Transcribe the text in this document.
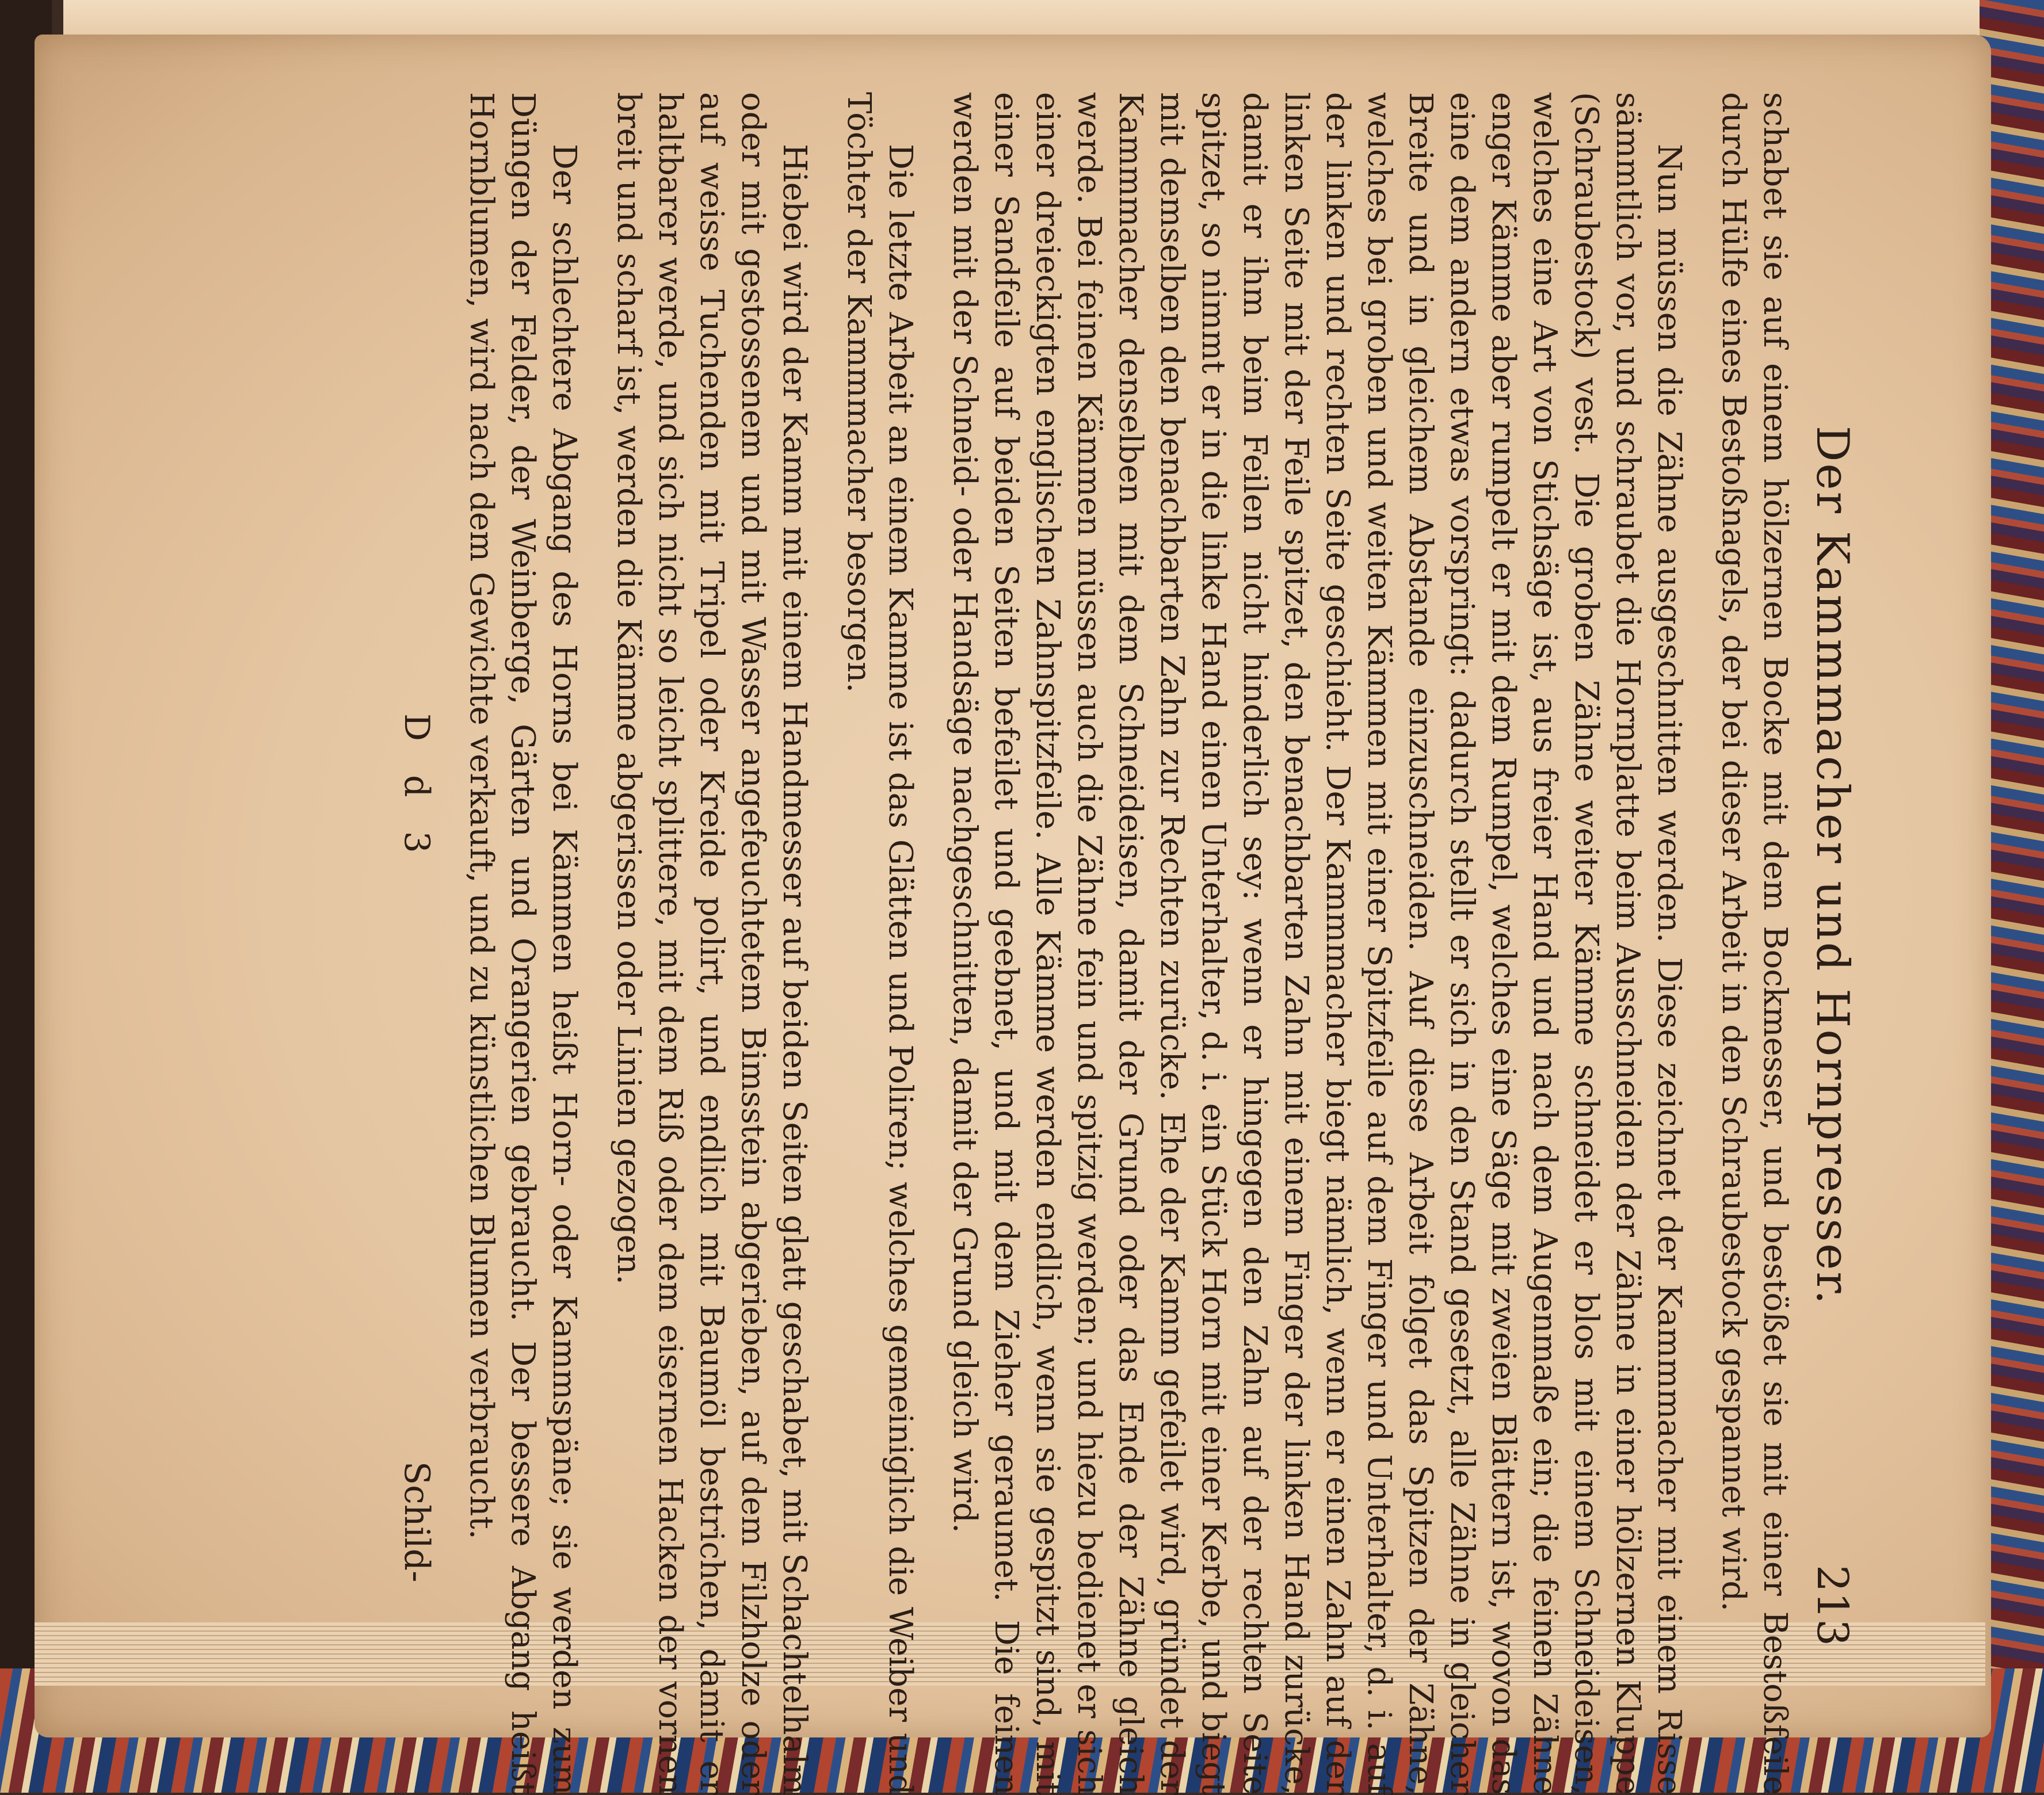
Der Kammmacher und Hornpresser.
213

schabet sie auf einem hölzernen Bocke mit dem Bockmesser, und bestößet sie mit einer Bestoßfeile durch Hülfe eines Bestoßnagels, der bei dieser Arbeit in den Schraubestock gespannet wird.

Nun müssen die Zähne ausgeschnitten werden. Diese zeichnet der Kammmacher mit einem Risse sämmtlich vor, und schraubet die Hornplatte beim Ausschneiden der Zähne in einer hölzernen Kluppe (Schraubestock) vest. Die groben Zähne weiter Kämme schneidet er blos mit einem Schneideisen, welches eine Art von Stichsäge ist, aus freier Hand und nach dem Augenmaße ein; die feinen Zähne enger Kämme aber rumpelt er mit dem Rumpel, welches eine Säge mit zweien Blättern ist, wovon das eine dem andern etwas vorspringt: dadurch stellt er sich in den Stand gesetzt, alle Zähne in gleicher Breite und in gleichem Abstande einzuschneiden. Auf diese Arbeit folget das Spitzen der Zähne, welches bei groben und weiten Kämmen mit einer Spitzfeile auf dem Finger und Unterhalter, d. i. auf der linken und rechten Seite geschieht. Der Kammmacher biegt nämlich, wenn er einen Zahn auf der linken Seite mit der Feile spitzet, den benachbarten Zahn mit einem Finger der linken Hand zurücke, damit er ihm beim Feilen nicht hinderlich sey: wenn er hingegen den Zahn auf der rechten Seite spitzet, so nimmt er in die linke Hand einen Unterhalter, d. i. ein Stück Horn mit einer Kerbe, und biegt mit demselben den benachbarten Zahn zur Rechten zurücke. Ehe der Kamm gefeilet wird, gründet der Kammmacher denselben mit dem Schneideisen, damit der Grund oder das Ende der Zähne gleich werde. Bei feinen Kämmen müssen auch die Zähne fein und spitzig werden; und hiezu bedienet er sich einer dreieckigten englischen Zahnspitzfeile. Alle Kämme werden endlich, wenn sie gespitzt sind, mit einer Sandfeile auf beiden Seiten befeilet und geebnet, und mit dem Zieher geraumet. Die feinen werden mit der Schneid- oder Handsäge nachgeschnitten, damit der Grund gleich wird.

Die letzte Arbeit an einem Kamme ist das Glätten und Poliren; welches gemeiniglich die Weiber und Töchter der Kammmacher besorgen.

Hiebei wird der Kamm mit einem Handmesser auf beiden Seiten glatt geschabet, mit Schachtelhalm oder mit gestossenem und mit Wasser angefeuchtetem Bimsstein abgerieben, auf dem Filzholze oder auf weisse Tuchenden mit Tripel oder Kreide polirt, und endlich mit Baumöl bestrichen, damit er haltbarer werde, und sich nicht so leicht splittere, mit dem Riß oder dem eisernen Hacken der vornen breit und scharf ist, werden die Kämme abgerissen oder Linien gezogen.

Der schlechtere Abgang des Horns bei Kämmen heißt Horn- oder Kammspäne; sie werden zum Düngen der Felder, der Weinberge, Gärten und Orangerien gebraucht. Der bessere Abgang heißt Hornblumen, wird nach dem Gewichte verkauft, und zu künstlichen Blumen verbraucht.

D d 3
Schild-
